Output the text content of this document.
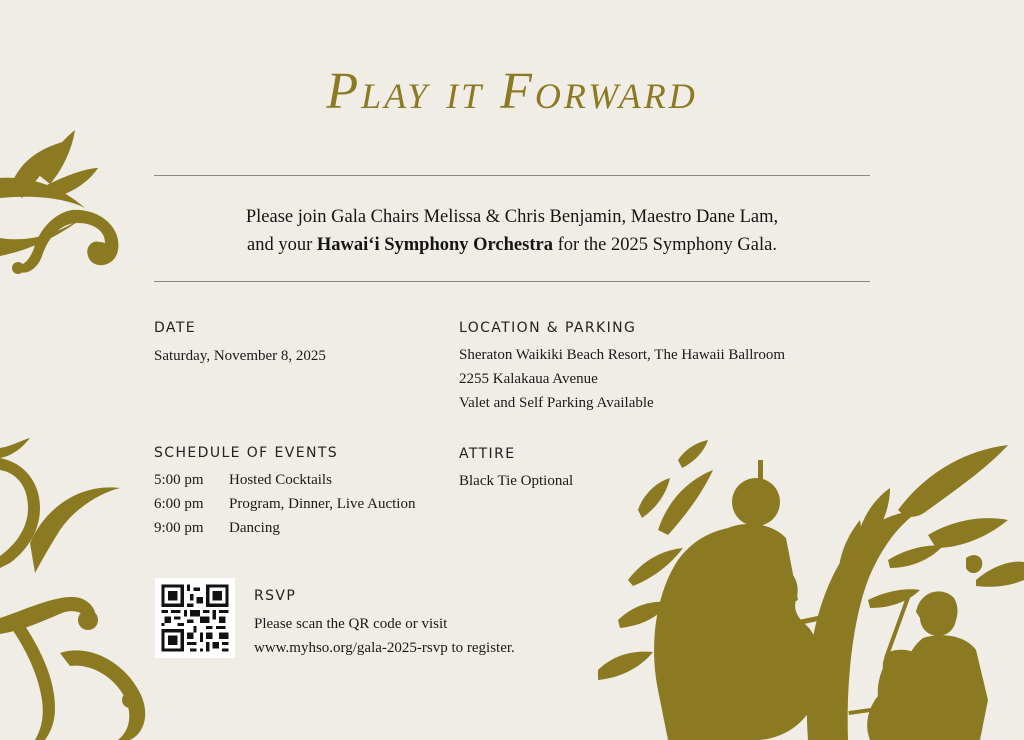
Play it Forward
Please join Gala Chairs Melissa & Chris Benjamin, Maestro Dane Lam,
and your Hawaiʻi Symphony Orchestra for the 2025 Symphony Gala.
DATE
Saturday, November 8, 2025
LOCATION & PARKING
Sheraton Waikiki Beach Resort, The Hawaii Ballroom
2255 Kalakaua Avenue
Valet and Self Parking Available
SCHEDULE OF EVENTS
5:00 pm Hosted Cocktails
6:00 pm Program, Dinner, Live Auction
9:00 pm Dancing
ATTIRE
Black Tie Optional
RSVP
Please scan the QR code or visit
www.myhso.org/gala-2025-rsvp to register.
